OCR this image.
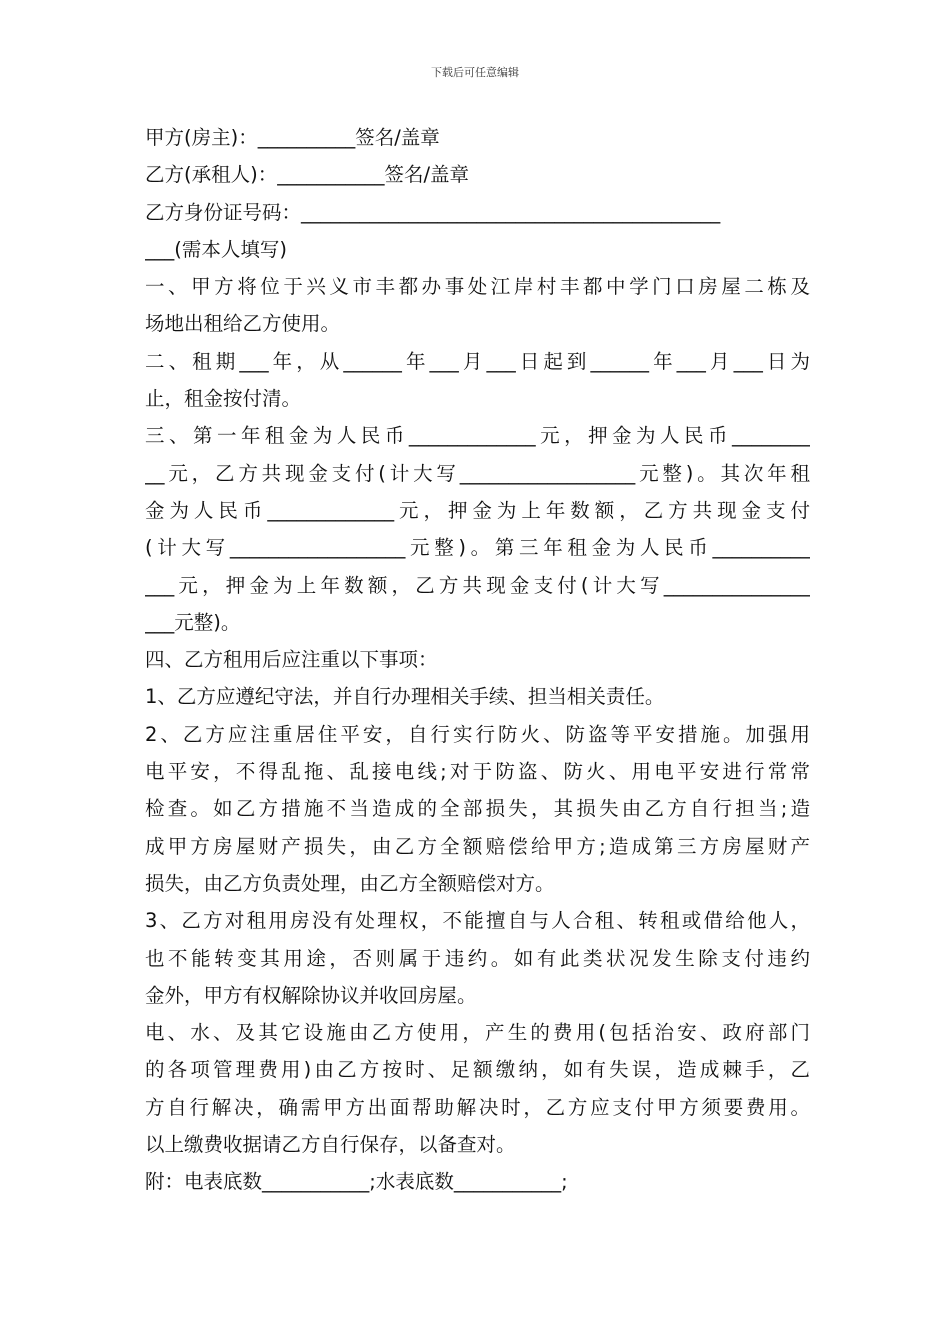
下载后可任意编辑
甲方(房主)：__________签名/盖章
乙方(承租人)：___________签名/盖章
乙方身份证号码：___________________________________________
___(需本人填写)
一、甲方将位于兴义市丰都办事处江岸村丰都中学门口房屋二栋及
场地出租给乙方使用。
二、租期___年，从______年___月___日起到______年___月___日为
止，租金按付清。
三、第一年租金为人民币_____________元，押金为人民币________
__元，乙方共现金支付(计大写__________________元整)。其次年租
金为人民币_____________元，押金为上年数额，乙方共现金支付
(计大写__________________元整)。第三年租金为人民币__________
___元，押金为上年数额，乙方共现金支付(计大写_______________
___元整)。
四、乙方租用后应注重以下事项：
1、乙方应遵纪守法，并自行办理相关手续、担当相关责任。
2、乙方应注重居住平安，自行实行防火、防盗等平安措施。加强用
电平安，不得乱拖、乱接电线;对于防盗、防火、用电平安进行常常
检查。如乙方措施不当造成的全部损失，其损失由乙方自行担当;造
成甲方房屋财产损失，由乙方全额赔偿给甲方;造成第三方房屋财产
损失，由乙方负责处理，由乙方全额赔偿对方。
3、乙方对租用房没有处理权，不能擅自与人合租、转租或借给他人，
也不能转变其用途，否则属于违约。如有此类状况发生除支付违约
金外，甲方有权解除协议并收回房屋。
电、水、及其它设施由乙方使用，产生的费用(包括治安、政府部门
的各项管理费用)由乙方按时、足额缴纳，如有失误，造成棘手，乙
方自行解决，确需甲方出面帮助解决时，乙方应支付甲方须要费用。
以上缴费收据请乙方自行保存，以备查对。
附：电表底数___________;水表底数___________;
